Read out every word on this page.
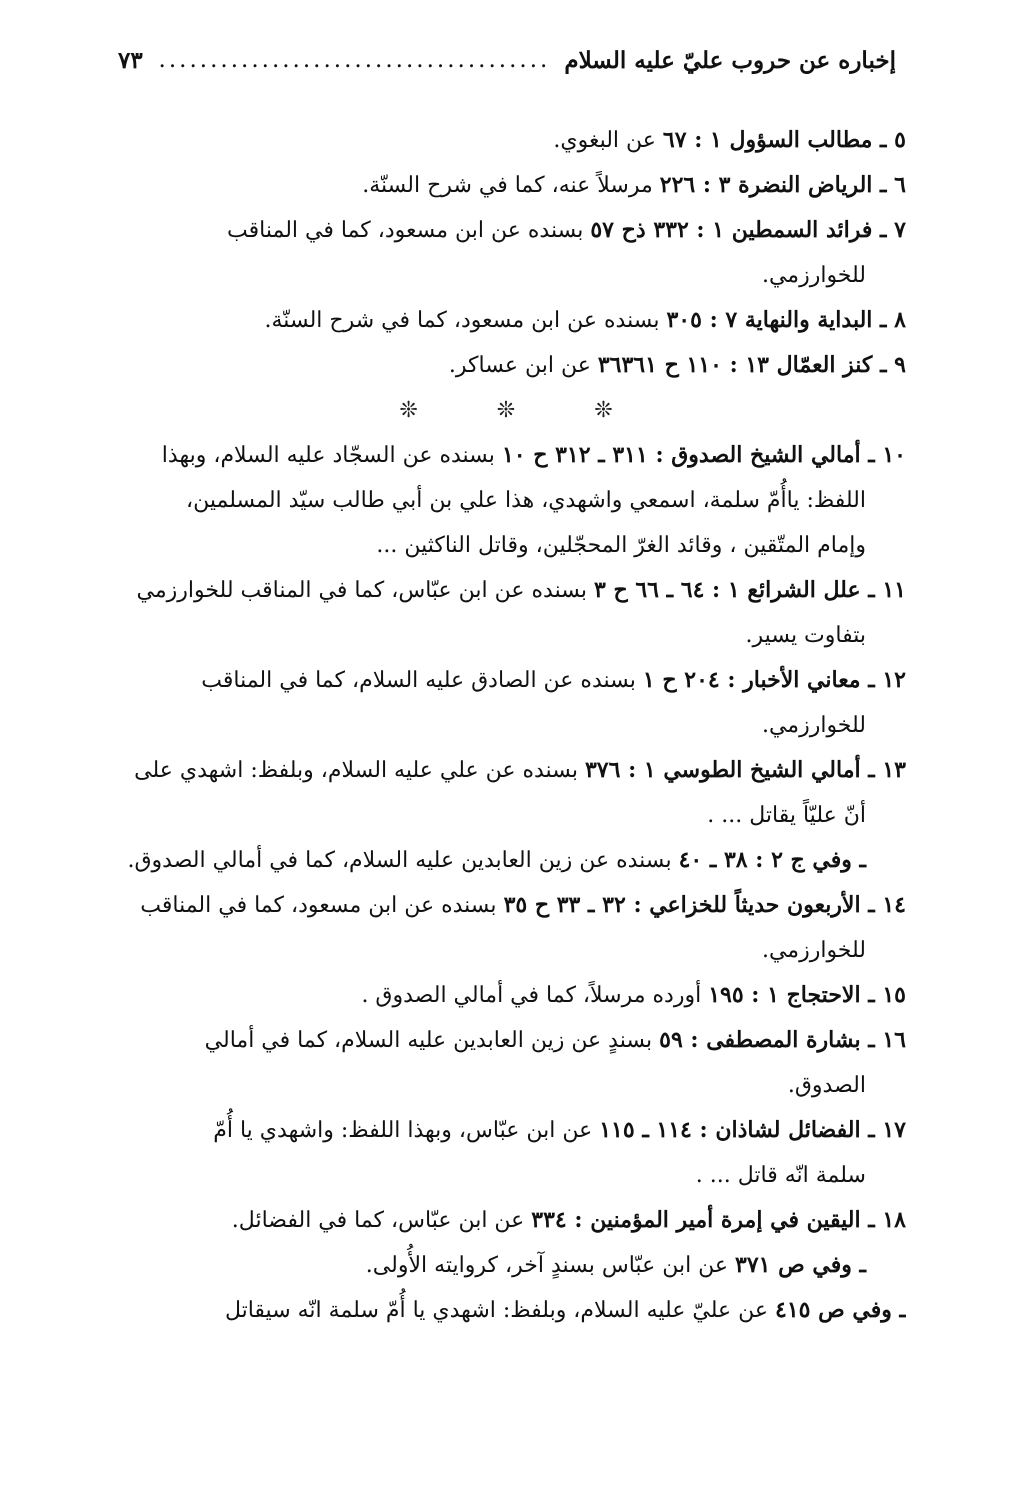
إخباره عن حروب عليّ عليه السلام
.....
٧٣

٥ ـ مطالب السؤول ١ : ٦٧ عن البغوي.

٦ ـ الرياض النضرة ٣ : ٢٢٦ مرسلاً عنه، كما في شرح السنّة.

٧ ـ فرائد السمطين ١ : ٣٣٢ ذح ٥٧ بسنده عن ابن مسعود، كما في المناقب
للخوارزمي.

٨ ـ البداية والنهاية ٧ : ٣٠٥ بسنده عن ابن مسعود، كما في شرح السنّة.

٩ ـ كنز العمّال ١٣ : ١١٠ ح ٣٦٣٦١ عن ابن عساكر.

❊ ❊ ❊

١٠ ـ أمالي الشيخ الصدوق : ٣١١ ـ ٣١٢ ح ١٠ بسنده عن السجّاد عليه السلام، وبهذا
اللفظ: ياأُمّ سلمة، اسمعي واشهدي، هذا علي بن أبي طالب سيّد المسلمين،
وإمام المتّقين ، وقائد الغرّ المحجّلين، وقاتل الناكثين ...

١١ ـ علل الشرائع ١ : ٦٤ ـ ٦٦ ح ٣ بسنده عن ابن عبّاس، كما في المناقب للخوارزمي
بتفاوت يسير.

١٢ ـ معاني الأخبار : ٢٠٤ ح ١ بسنده عن الصادق عليه السلام، كما في المناقب
للخوارزمي.

١٣ ـ أمالي الشيخ الطوسي ١ : ٣٧٦ بسنده عن علي عليه السلام، وبلفظ: اشهدي على
أنّ عليّاً يقاتل ... .

ـ وفي ج ٢ : ٣٨ ـ ٤٠ بسنده عن زين العابدين عليه السلام، كما في أمالي الصدوق.

١٤ ـ الأربعون حديثاً للخزاعي : ٣٢ ـ ٣٣ ح ٣٥ بسنده عن ابن مسعود، كما في المناقب
للخوارزمي.

١٥ ـ الاحتجاج ١ : ١٩٥ أورده مرسلاً، كما في أمالي الصدوق .

١٦ ـ بشارة المصطفى : ٥٩ بسندٍ عن زين العابدين عليه السلام، كما في أمالي
الصدوق.

١٧ ـ الفضائل لشاذان : ١١٤ ـ ١١٥ عن ابن عبّاس، وبهذا اللفظ: واشهدي يا أُمّ
سلمة انّه قاتل ... .

١٨ ـ اليقين في إمرة أمير المؤمنين : ٣٣٤ عن ابن عبّاس، كما في الفضائل.

ـ وفي ص ٣٧١ عن ابن عبّاس بسندٍ آخر، كروايته الأُولى.

ـ وفي ص ٤١٥ عن عليّ عليه السلام، وبلفظ: اشهدي يا أُمّ سلمة انّه سيقاتل
